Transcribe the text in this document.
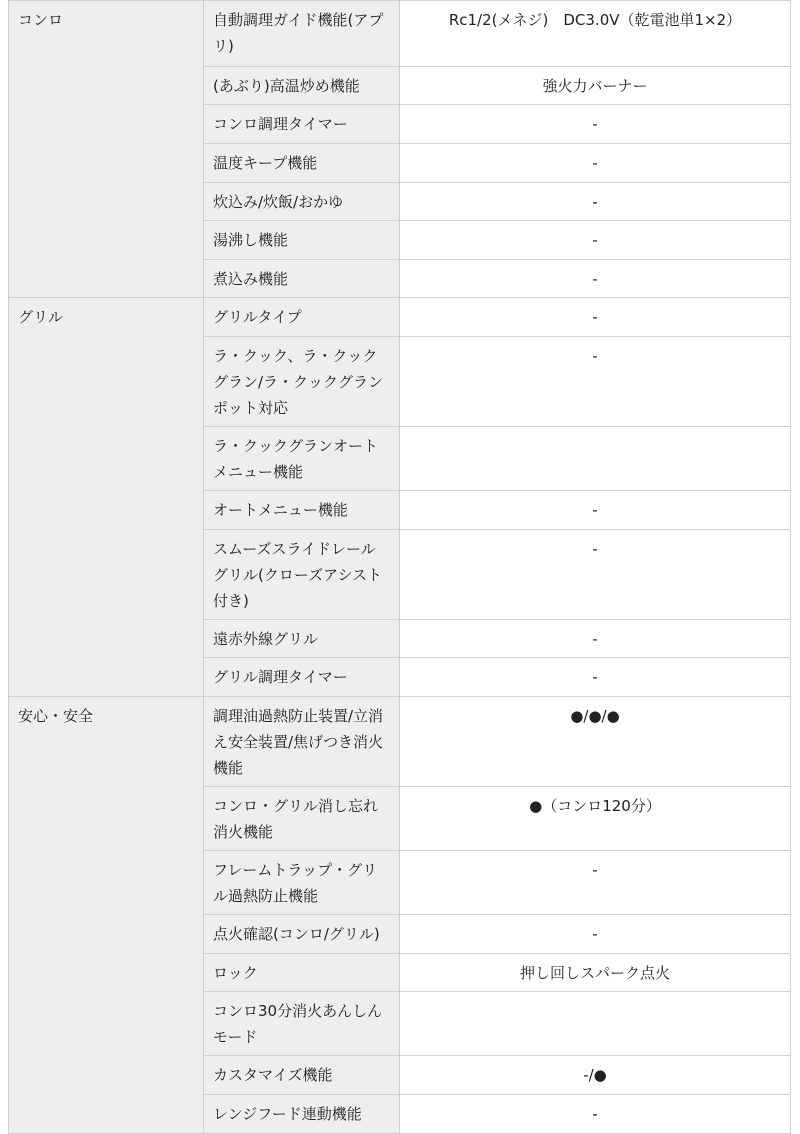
コンロ	自動調理ガイド機能(アプリ)	Rc1/2(メネジ)　DC3.0V（乾電池単1×2）

	(あぶり)高温炒め機能	強火力バーナー

	コンロ調理タイマー	-

	温度キープ機能	-

	炊込み/炊飯/おかゆ	-

	湯沸し機能	-

	煮込み機能	-

グリル	グリルタイプ	-

	ラ・クック、ラ・クックグラン/ラ・クックグランポット対応	-

	ラ・クックグランオートメニュー機能	

	オートメニュー機能	-

	スムーズスライドレールグリル(クローズアシスト付き)	-

	遠赤外線グリル	-

	グリル調理タイマー	-

安心・安全	調理油過熱防止装置/立消え安全装置/焦げつき消火機能	●/●/●

	コンロ・グリル消し忘れ消火機能	●（コンロ120分）

	フレームトラップ・グリル過熱防止機能	-

	点火確認(コンロ/グリル)	-

	ロック	押し回しスパーク点火

	コンロ30分消火あんしんモード	

	カスタマイズ機能	-/●

	レンジフード連動機能	-
